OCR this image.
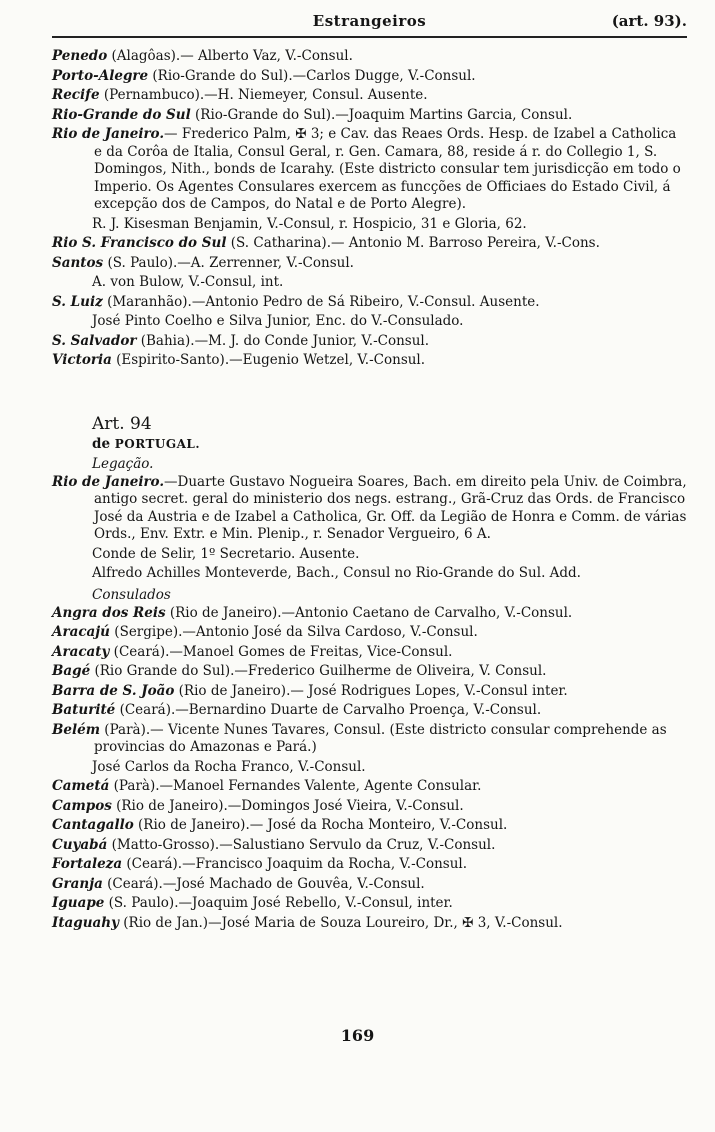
Estrangeiros	(art. 93).

Penedo (Alagôas).— Alberto Vaz, V.-Consul.

Porto-Alegre (Rio-Grande do Sul).—Carlos Dugge, V.-Consul.

Recife (Pernambuco).—H. Niemeyer, Consul. Ausente.

Rio-Grande do Sul (Rio-Grande do Sul).—Joaquim Martins Garcia, Consul.

Rio de Janeiro.— Frederico Palm, ✠ 3; e Cav. das Reaes Ords. Hesp. de Izabel a Catholica e da Corôa de Italia, Consul Geral, r. Gen. Camara, 88, reside á r. do Collegio 1, S. Domingos, Nith., bonds de Icarahy. (Este districto consular tem jurisdicção em todo o Imperio. Os Agentes Consulares exercem as funcções de Officiaes do Estado Civil, á excepção dos de Campos, do Natal e de Porto Alegre).

R. J. Kisesman Benjamin, V.-Consul, r. Hospicio, 31 e Gloria, 62.

Rio S. Francisco do Sul (S. Catharina).— Antonio M. Barroso Pereira, V.-Cons.

Santos (S. Paulo).—A. Zerrenner, V.-Consul.

A. von Bulow, V.-Consul, int.

S. Luiz (Maranhão).—Antonio Pedro de Sá Ribeiro, V.-Consul. Ausente.

José Pinto Coelho e Silva Junior, Enc. do V.-Consulado.

S. Salvador (Bahia).—M. J. do Conde Junior, V.-Consul.

Victoria (Espirito-Santo).—Eugenio Wetzel, V.-Consul.

Art. 94
de PORTUGAL.
Legação.

Rio de Janeiro.—Duarte Gustavo Nogueira Soares, Bach. em direito pela Univ. de Coimbra, antigo secret. geral do ministerio dos negs. estrang., Grã-Cruz das Ords. de Francisco José da Austria e de Izabel a Catholica, Gr. Off. da Legião de Honra e Comm. de várias Ords., Env. Extr. e Min. Plenip., r. Senador Vergueiro, 6 A.

Conde de Selir, 1º Secretario. Ausente.

Alfredo Achilles Monteverde, Bach., Consul no Rio-Grande do Sul. Add.

Consulados

Angra dos Reis (Rio de Janeiro).—Antonio Caetano de Carvalho, V.-Consul.

Aracajú (Sergipe).—Antonio José da Silva Cardoso, V.-Consul.

Aracaty (Ceará).—Manoel Gomes de Freitas, Vice-Consul.

Bagé (Rio Grande do Sul).—Frederico Guilherme de Oliveira, V. Consul.

Barra de S. João (Rio de Janeiro).— José Rodrigues Lopes, V.-Consul inter.

Baturité (Ceará).—Bernardino Duarte de Carvalho Proença, V.-Consul.

Belém (Parà).— Vicente Nunes Tavares, Consul. (Este districto consular comprehende as provincias do Amazonas e Pará.)

José Carlos da Rocha Franco, V.-Consul.

Cametá (Parà).—Manoel Fernandes Valente, Agente Consular.

Campos (Rio de Janeiro).—Domingos José Vieira, V.-Consul.

Cantagallo (Rio de Janeiro).— José da Rocha Monteiro, V.-Consul.

Cuyabá (Matto-Grosso).—Salustiano Servulo da Cruz, V.-Consul.

Fortaleza (Ceará).—Francisco Joaquim da Rocha, V.-Consul.

Granja (Ceará).—José Machado de Gouvêa, V.-Consul.

Iguape (S. Paulo).—Joaquim José Rebello, V.-Consul, inter.

Itaguahy (Rio de Jan.)—José Maria de Souza Loureiro, Dr., ✠ 3, V.-Consul.

169
